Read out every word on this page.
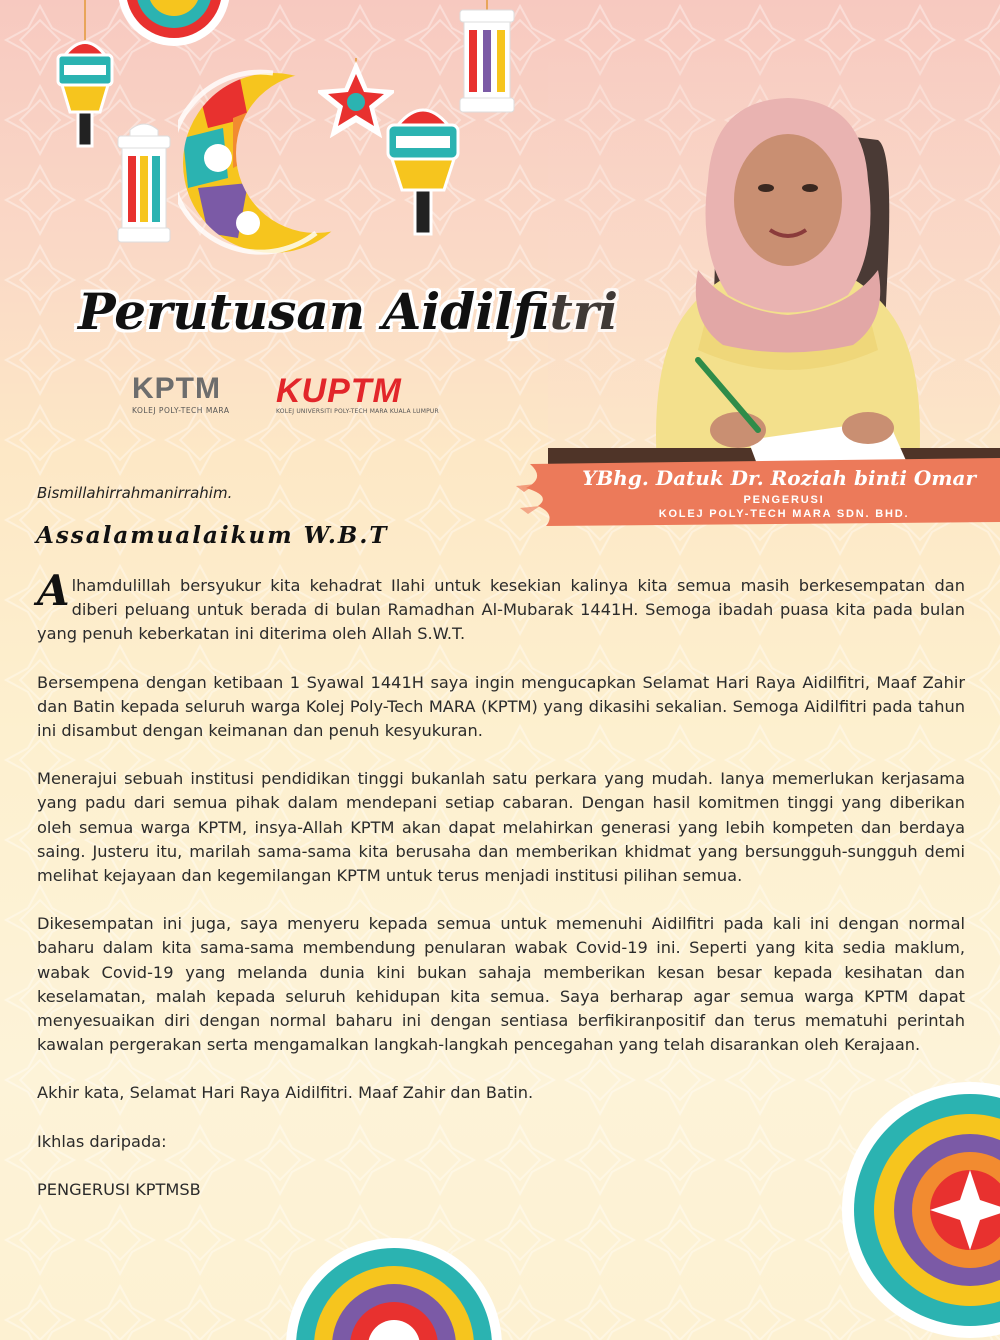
Perutusan Aidilfitri
KPTM
KOLEJ POLY-TECH MARA
KUPTM
KOLEJ UNIVERSITI POLY-TECH MARA KUALA LUMPUR
YBhg. Datuk Dr. Roziah binti Omar
PENGERUSI
KOLEJ POLY-TECH MARA SDN. BHD.
Bismillahirrahmanirrahim.
Assalamualaikum W.B.T

Alhamdulillah bersyukur kita kehadrat Ilahi untuk kesekian kalinya kita semua masih berkesempatan dan diberi peluang untuk berada di bulan Ramadhan Al-Mubarak 1441H. Semoga ibadah puasa kita pada bulan yang penuh keberkatan ini diterima oleh Allah S.W.T.

Bersempena dengan ketibaan 1 Syawal 1441H saya ingin mengucapkan Selamat Hari Raya Aidilfitri, Maaf Zahir dan Batin kepada seluruh warga Kolej Poly-Tech MARA (KPTM) yang dikasihi sekalian. Semoga Aidilfitri pada tahun ini disambut dengan keimanan dan penuh kesyukuran.

Menerajui sebuah institusi pendidikan tinggi bukanlah satu perkara yang mudah. Ianya memerlukan kerjasama yang padu dari semua pihak dalam mendepani setiap cabaran. Dengan hasil komitmen tinggi yang diberikan oleh semua warga KPTM, insya-Allah KPTM akan dapat melahirkan generasi yang lebih kompeten dan berdaya saing. Justeru itu, marilah sama-sama kita berusaha dan memberikan khidmat yang bersungguh-sungguh demi melihat kejayaan dan kegemilangan KPTM untuk terus menjadi institusi pilihan semua.

Dikesempatan ini juga, saya menyeru kepada semua untuk memenuhi Aidilfitri pada kali ini dengan normal baharu dalam kita sama-sama membendung penularan wabak Covid-19 ini. Seperti yang kita sedia maklum, wabak Covid-19 yang melanda dunia kini bukan sahaja memberikan kesan besar kepada kesihatan dan keselamatan, malah kepada seluruh kehidupan kita semua. Saya berharap agar semua warga KPTM dapat menyesuaikan diri dengan normal baharu ini dengan sentiasa berfikiranpositif dan terus mematuhi perintah kawalan pergerakan serta mengamalkan langkah-langkah pencegahan yang telah disarankan oleh Kerajaan.

Akhir kata, Selamat Hari Raya Aidilfitri. Maaf Zahir dan Batin.

Ikhlas daripada:

PENGERUSI KPTMSB
